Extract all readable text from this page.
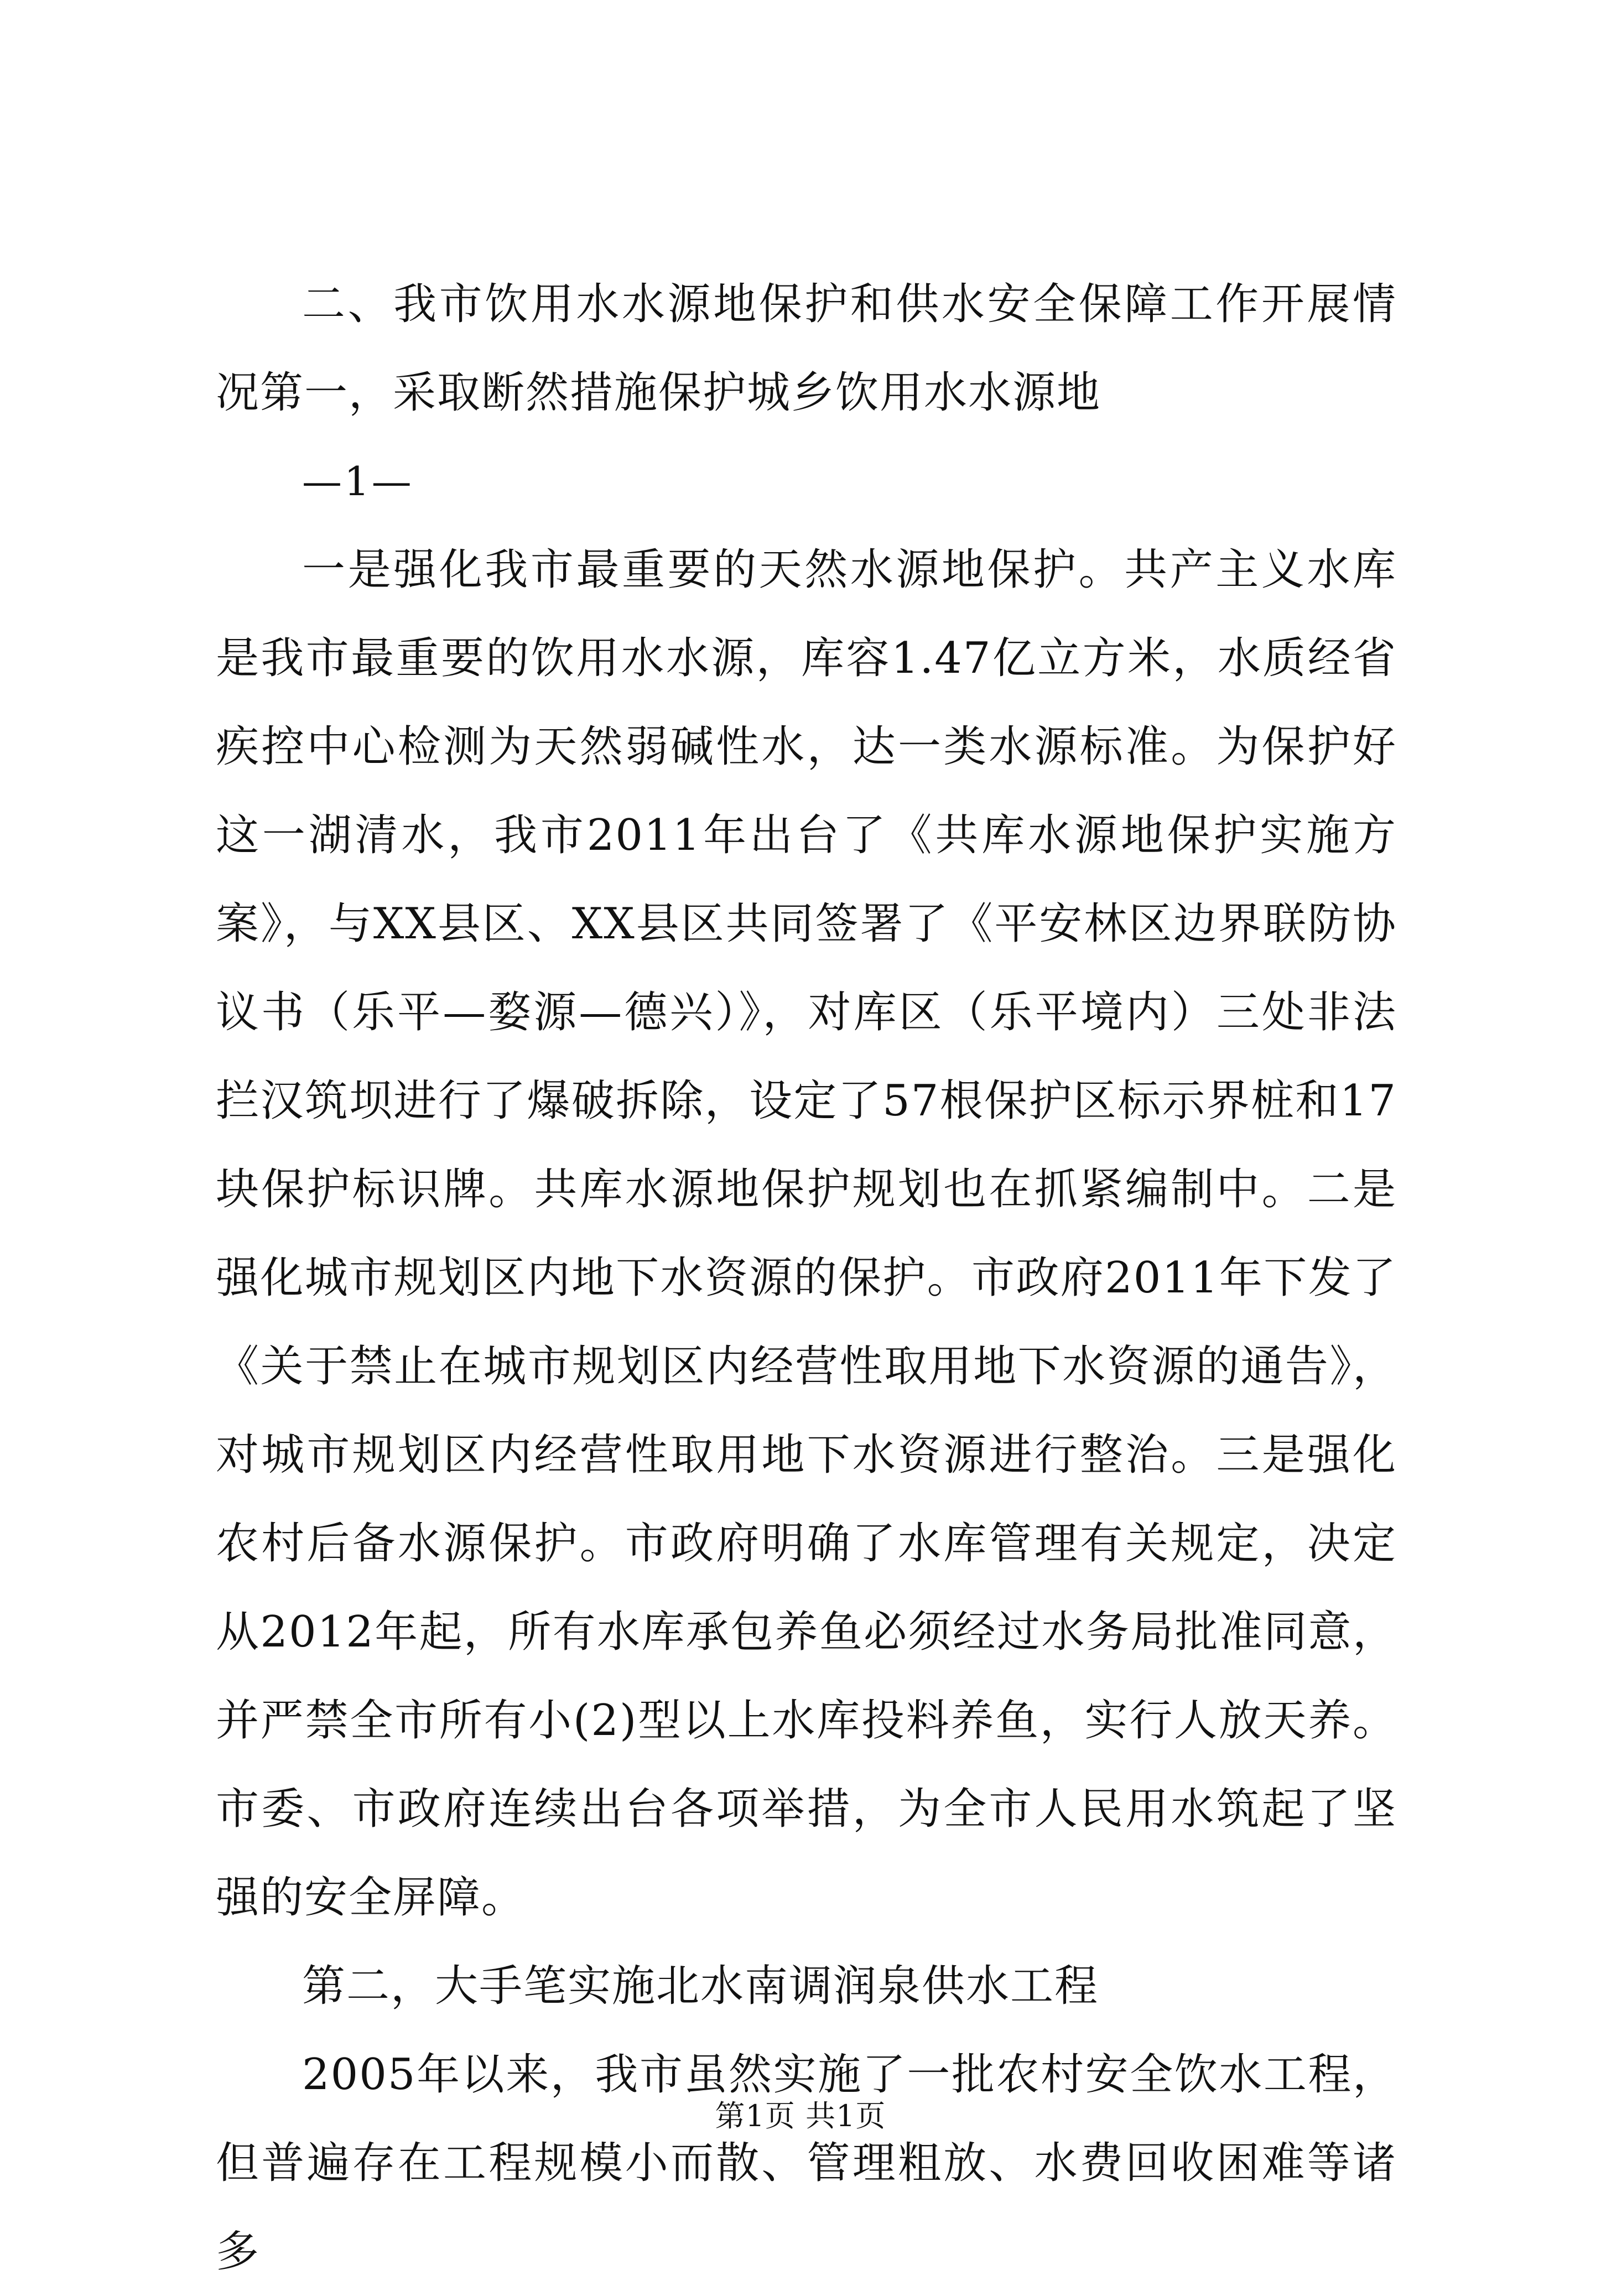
二、我市饮用水水源地保护和供水安全保障工作开展情况第一，采取断然措施保护城乡饮用水水源地

—1—

一是强化我市最重要的天然水源地保护。共产主义水库是我市最重要的饮用水水源，库容1.47亿立方米，水质经省疾控中心检测为天然弱碱性水，达一类水源标准。为保护好这一湖清水，我市2011年出台了《共库水源地保护实施方案》，与XX县区、XX县区共同签署了《平安林区边界联防协议书（乐平—婺源—德兴）》，对库区（乐平境内）三处非法拦汉筑坝进行了爆破拆除，设定了57根保护区标示界桩和17块保护标识牌。共库水源地保护规划也在抓紧编制中。二是强化城市规划区内地下水资源的保护。市政府2011年下发了《关于禁止在城市规划区内经营性取用地下水资源的通告》，对城市规划区内经营性取用地下水资源进行整治。三是强化农村后备水源保护。市政府明确了水库管理有关规定，决定从2012年起，所有水库承包养鱼必须经过水务局批准同意，并严禁全市所有小(2)型以上水库投料养鱼，实行人放天养。市委、市政府连续出台各项举措，为全市人民用水筑起了坚强的安全屏障。

第二，大手笔实施北水南调润泉供水工程

2005年以来，我市虽然实施了一批农村安全饮水工程，但普遍存在工程规模小而散、管理粗放、水费回收困难等诸多

第1页 共1页
